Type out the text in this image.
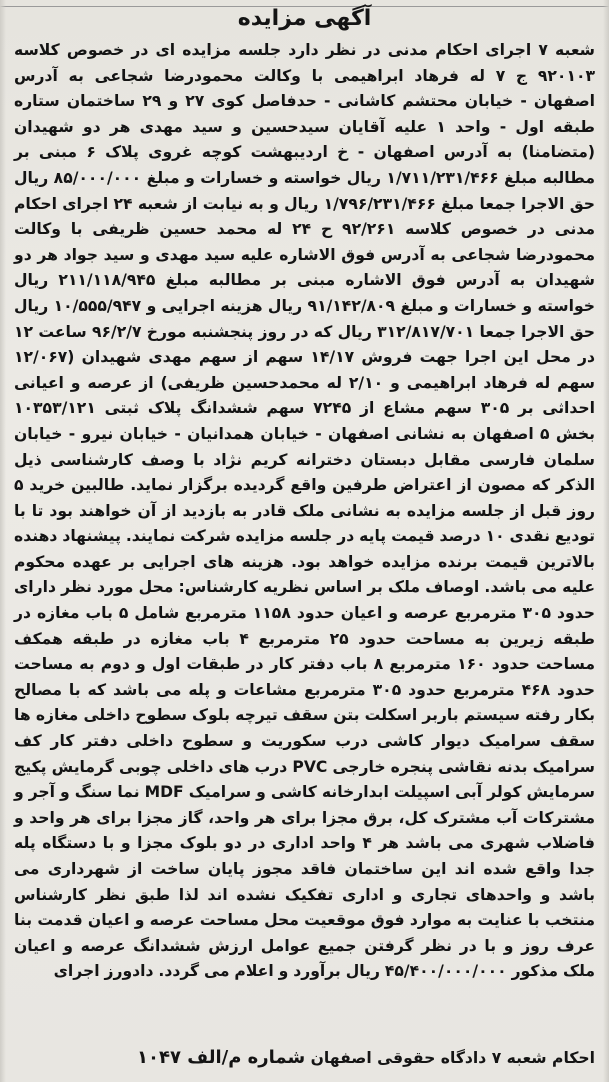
آگهی مزایده

شعبه ۷ اجرای احکام مدنی در نظر دارد جلسه مزایده ای در خصوص کلاسه ۹۲۰۱۰۳ ج ۷ له فرهاد ابراهیمی با وکالت محمودرضا شجاعی به آدرس اصفهان - خیابان محتشم کاشانی - حدفاصل کوی ۲۷ و ۲۹ ساختمان ستاره طبقه اول - واحد ۱ علیه آقایان سیدحسین و سید مهدی هر دو شهیدان (متضامنا) به آدرس اصفهان - خ اردیبهشت کوچه غروی پلاک ۶ مبنی بر مطالبه مبلغ ۱/۷۱۱/۲۳۱/۴۶۶ ریال خواسته و خسارات و مبلغ ۸۵/۰۰۰/۰۰۰ ریال حق الاجرا جمعا مبلغ ۱/۷۹۶/۲۳۱/۴۶۶ ریال و به نیابت از شعبه ۲۴ اجرای احکام مدنی در خصوص کلاسه ۹۲/۲۶۱ ح ۲۴ له محمد حسین ظریفی با وکالت محمودرضا شجاعی به آدرس فوق الاشاره علیه سید مهدی و سید جواد هر دو شهیدان به آدرس فوق الاشاره مبنی بر مطالبه مبلغ ۲۱۱/۱۱۸/۹۴۵ ریال خواسته و خسارات و مبلغ ۹۱/۱۴۲/۸۰۹ ریال هزینه اجرایی و ۱۰/۵۵۵/۹۴۷ ریال حق الاجرا جمعا ۳۱۲/۸۱۷/۷۰۱ ریال که در روز پنجشنبه مورخ ۹۶/۲/۷ ساعت ۱۲ در محل این اجرا جهت فروش ۱۴/۱۷ سهم از سهم مهدی شهیدان (۱۲/۰۶۷ سهم له فرهاد ابراهیمی و ۲/۱۰ له محمدحسین ظریفی) از عرصه و اعیانی احداثی بر ۳۰۵ سهم مشاع از ۷۲۴۵ سهم ششدانگ پلاک ثبتی ۱۰۳۵۳/۱۲۱ بخش ۵ اصفهان به نشانی اصفهان - خیابان همدانیان - خیابان نیرو - خیابان سلمان فارسی مقابل دبستان دخترانه کریم نژاد با وصف کارشناسی ذیل الذکر که مصون از اعتراض طرفین واقع گردیده برگزار نماید. طالبین خرید ۵ روز قبل از جلسه مزایده به نشانی ملک قادر به بازدید از آن خواهند بود تا با تودیع نقدی ۱۰ درصد قیمت پایه در جلسه مزایده شرکت نمایند. پیشنهاد دهنده بالاترین قیمت برنده مزایده خواهد بود. هزینه های اجرایی بر عهده محکوم علیه می باشد. اوصاف ملک بر اساس نظریه کارشناس: محل مورد نظر دارای حدود ۳۰۵ مترمربع عرصه و اعیان حدود ۱۱۵۸ مترمربع شامل ۵ باب مغازه در طبقه زیرین به مساحت حدود ۲۵ مترمربع ۴ باب مغازه در طبقه همکف مساحت حدود ۱۶۰ مترمربع ۸ باب دفتر کار در طبقات اول و دوم به مساحت حدود ۴۶۸ مترمربع حدود ۳۰۵ مترمربع مشاعات و پله می باشد که با مصالح بکار رفته سیستم باربر اسکلت بتن سقف تیرچه بلوک سطوح داخلی مغازه ها سقف سرامیک دیوار کاشی درب سکوریت و سطوح داخلی دفتر کار کف سرامیک بدنه نقاشی پنجره خارجی PVC درب های داخلی چوبی گرمایش پکیج سرمایش کولر آبی اسپیلت ابدارخانه کاشی و سرامیک MDF نما سنگ و آجر و مشترکات آب مشترک کل، برق مجزا برای هر واحد، گاز مجزا برای هر واحد و فاضلاب شهری می باشد هر ۴ واحد اداری در دو بلوک مجزا و با دستگاه پله جدا واقع شده اند این ساختمان فاقد مجوز پایان ساخت از شهرداری می باشد و واحدهای تجاری و اداری تفکیک نشده اند لذا طبق نظر کارشناس منتخب با عنایت به موارد فوق موقعیت محل مساحت عرصه و اعیان قدمت بنا عرف روز و با در نظر گرفتن جمیع عوامل ارزش ششدانگ عرصه و اعیان ملک مذکور ۴۵/۴۰۰/۰۰۰/۰۰۰ ریال برآورد و اعلام می گردد. دادورز اجرای

احکام شعبه ۷ دادگاه حقوقی اصفهان شماره م/الف ۱۰۴۷
